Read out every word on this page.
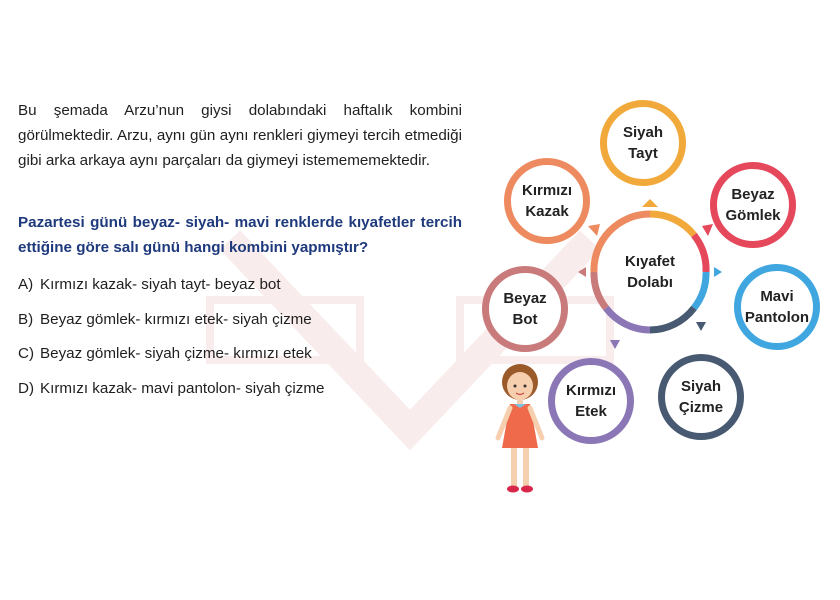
Bu şemada Arzu’nun giysi dolabındaki haftalık kombini görülmektedir. Arzu, aynı gün aynı renkleri giymeyi tercih etmediği gibi arka arkaya aynı parçaları da giymeyi istemememektedir.
Pazartesi günü beyaz- siyah- mavi renklerde kıyafetler tercih ettiğine göre salı günü hangi kombini yapmıştır?
A) Kırmızı kazak- siyah tayt- beyaz bot
B) Beyaz gömlek- kırmızı etek- siyah çizme
C) Beyaz gömlek- siyah çizme- kırmızı etek
D) Kırmızı kazak- mavi pantolon- siyah çizme
Kıyafet
Dolabı
Siyah
Tayt
Beyaz
Gömlek
Mavi
Pantolon
Siyah
Çizme
Kırmızı
Etek
Beyaz
Bot
Kırmızı
Kazak
